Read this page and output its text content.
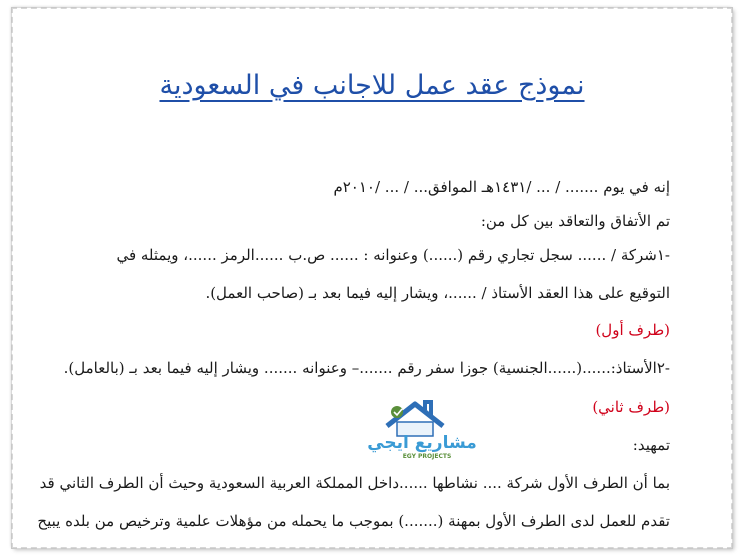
نموذج عقد عمل للاجانب في السعودية
إنه في يوم ....... / ... /١٤٣١هـ الموافق... / ... /٢٠١٠م
تم الأتفاق والتعاقد بين كل من:
-١شركة / ...... سجل تجاري رقم (......) وعنوانه : ...... ص.ب ......الرمز ......، ويمثله في
التوقيع على هذا العقد الأستاذ / ......، ويشار إليه فيما بعد بـ (صاحب العمل).
(طرف أول)
-٢الأستاذ:......(......الجنسية) جوزا سفر رقم .......– وعنوانه ....... ويشار إليه فيما بعد بـ (بالعامل).
(طرف ثاني)
تمهيد:
بما أن الطرف الأول شركة .... نشاطها ......داخل المملكة العربية السعودية وحيث أن الطرف الثاني قد
تقدم للعمل لدى الطرف الأول بمهنة (.......) بموجب ما يحمله من مؤهلات علمية وترخيص من بلده يبيح
مشاريع ايجي
EGY PROJECTS
